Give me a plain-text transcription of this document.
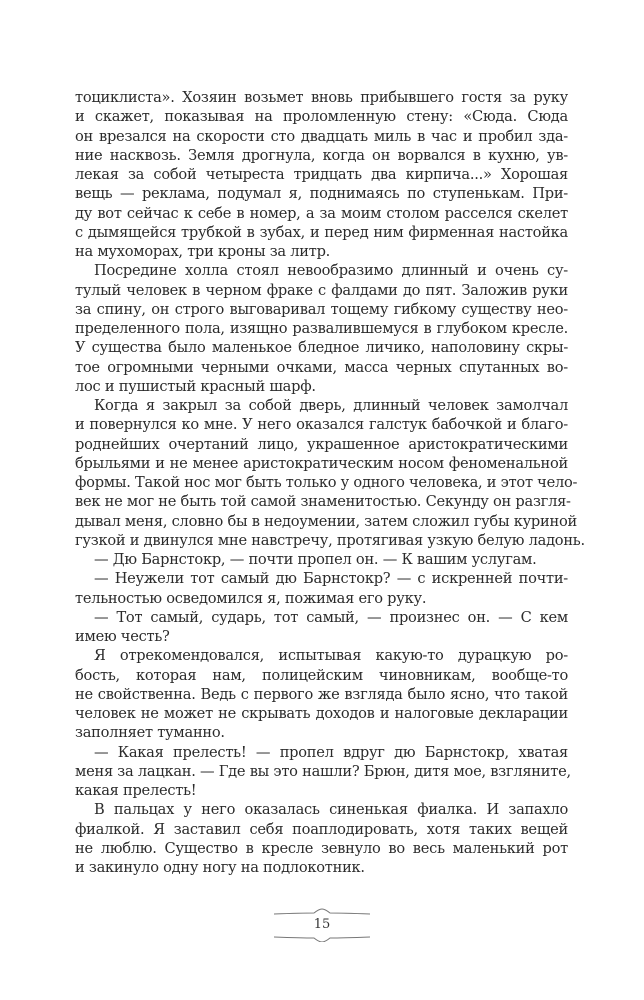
тоциклиста». Хозяин возьмет вновь прибывшего гостя за руку
и скажет, показывая на проломленную стену: «Сюда. Сюда
он врезался на скорости сто двадцать миль в час и пробил зда-
ние насквозь. Земля дрогнула, когда он ворвался в кухню, ув-
лекая за собой четыреста тридцать два кирпича...» Хорошая
вещь — реклама, подумал я, поднимаясь по ступенькам. При-
ду вот сейчас к себе в номер, а за моим столом расселся скелет
с дымящейся трубкой в зубах, и перед ним фирменная настойка
на мухоморах, три кроны за литр.
Посредине холла стоял невообразимо длинный и очень су-
тулый человек в черном фраке с фалдами до пят. Заложив руки
за спину, он строго выговаривал тощему гибкому существу нео-
пределенного пола, изящно развалившемуся в глубоком кресле.
У существа было маленькое бледное личико, наполовину скры-
тое огромными черными очками, масса черных спутанных во-
лос и пушистый красный шарф.
Когда я закрыл за собой дверь, длинный человек замолчал
и повернулся ко мне. У него оказался галстук бабочкой и благо-
роднейших очертаний лицо, украшенное аристократическими
брыльями и не менее аристократическим носом феноменальной
формы. Такой нос мог быть только у одного человека, и этот чело-
век не мог не быть той самой знаменитостью. Секунду он разгля-
дывал меня, словно бы в недоумении, затем сложил губы куриной
гузкой и двинулся мне навстречу, протягивая узкую белую ладонь.
— Дю Барнстокр, — почти пропел он. — К вашим услугам.
— Неужели тот самый дю Барнстокр? — с искренней почти-
тельностью осведомился я, пожимая его руку.
— Тот самый, сударь, тот самый, — произнес он. — С кем
имею честь?
Я отрекомендовался, испытывая какую-то дурацкую ро-
бость, которая нам, полицейским чиновникам, вообще-то
не свойственна. Ведь с первого же взгляда было ясно, что такой
человек не может не скрывать доходов и налоговые декларации
заполняет туманно.
— Какая прелесть! — пропел вдруг дю Барнстокр, хватая
меня за лацкан. — Где вы это нашли? Брюн, дитя мое, взгляните,
какая прелесть!
В пальцах у него оказалась синенькая фиалка. И запахло
фиалкой. Я заставил себя поаплодировать, хотя таких вещей
не люблю. Существо в кресле зевнуло во весь маленький рот
и закинуло одну ногу на подлокотник.
15
